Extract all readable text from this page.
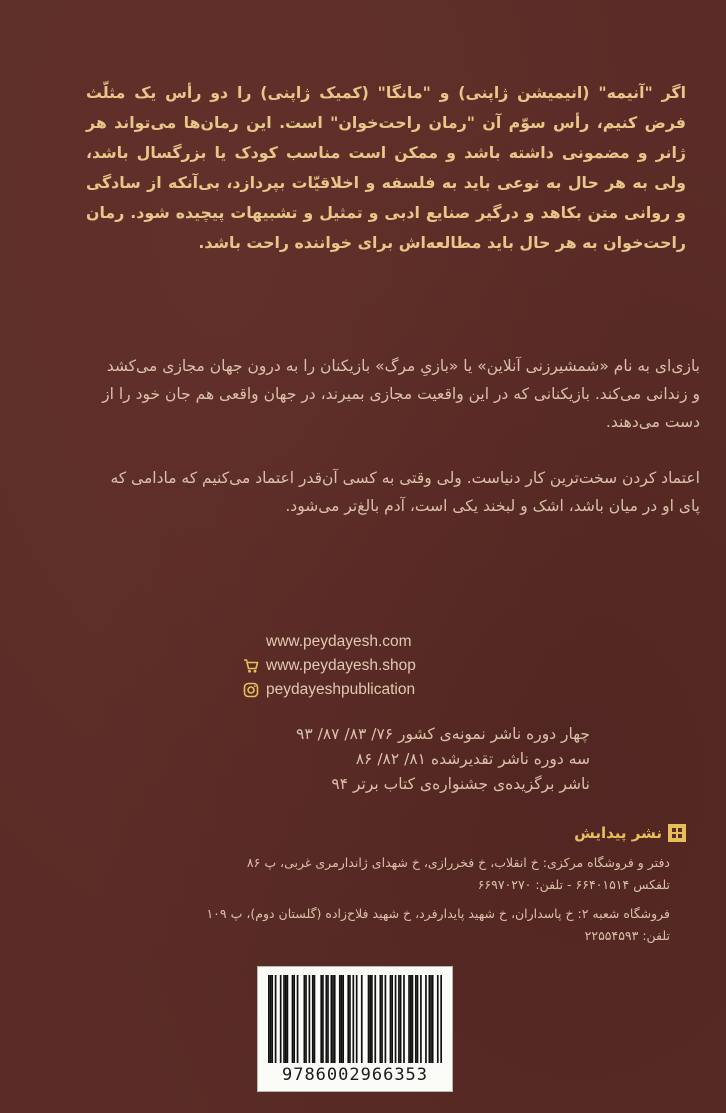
اگر "آنیمه" (انیمیشن ژاپنی) و "مانگا" (کمیک ژاپنی) را دو رأس یک مثلّث فرض کنیم، رأس سوّم آن "رمان راحت‌خوان" است. این رمان‌ها می‌تواند هر ژانر و مضمونی داشته باشد و ممکن است مناسب کودک یا بزرگسال باشد، ولی به هر حال به نوعی باید به فلسفه و اخلاقیّات بپردازد، بی‌آنکه از سادگی و روانی متن بکاهد و درگیر صنایع ادبی و تمثیل و تشبیهات پیچیده شود. رمان راحت‌خوان به هر حال باید مطالعه‌اش برای خواننده راحت باشد.

بازی‌ای به نام «شمشیرزنی آنلاین» یا «بازیِ مرگ» بازیکنان را به درون جهان مجازی می‌کشد و زندانی می‌کند. بازیکنانی که در این واقعیت مجازی بمیرند، در جهان واقعی هم جان خود را از دست می‌دهند.

اعتماد کردن سخت‌ترین کار دنیاست. ولی وقتی به کسی آن‌قدر اعتماد می‌کنیم که مادامی که پای او در میان باشد، اشک و لبخند یکی است، آدم بالغ‌تر می‌شود.

www.peydayesh.com
www.peydayesh.shop
peydayeshpublication
چهار دوره ناشر نمونه‌ی کشور ۷۶/ ۸۳/ ۸۷/ ۹۳
سه دوره ناشر تقدیرشده ۸۱/ ۸۲/ ۸۶
ناشر برگزیده‌ی جشنواره‌ی کتاب برتر ۹۴
نشر پیدایش
دفتر و فروشگاه مرکزی: خ انقلاب، خ فخررازی، خ شهدای ژاندارمری غربی، پ ۸۶
تلفکس ۶۶۴۰۱۵۱۴ - تلفن: ۶۶۹۷۰۲۷۰
فروشگاه شعبه ۲: خ پاسداران، خ شهید پایدارفرد، خ شهید فلاح‌زاده (گلستان دوم)، پ ۱۰۹
تلفن: ۲۲۵۵۴۵۹۳
9786002966353
